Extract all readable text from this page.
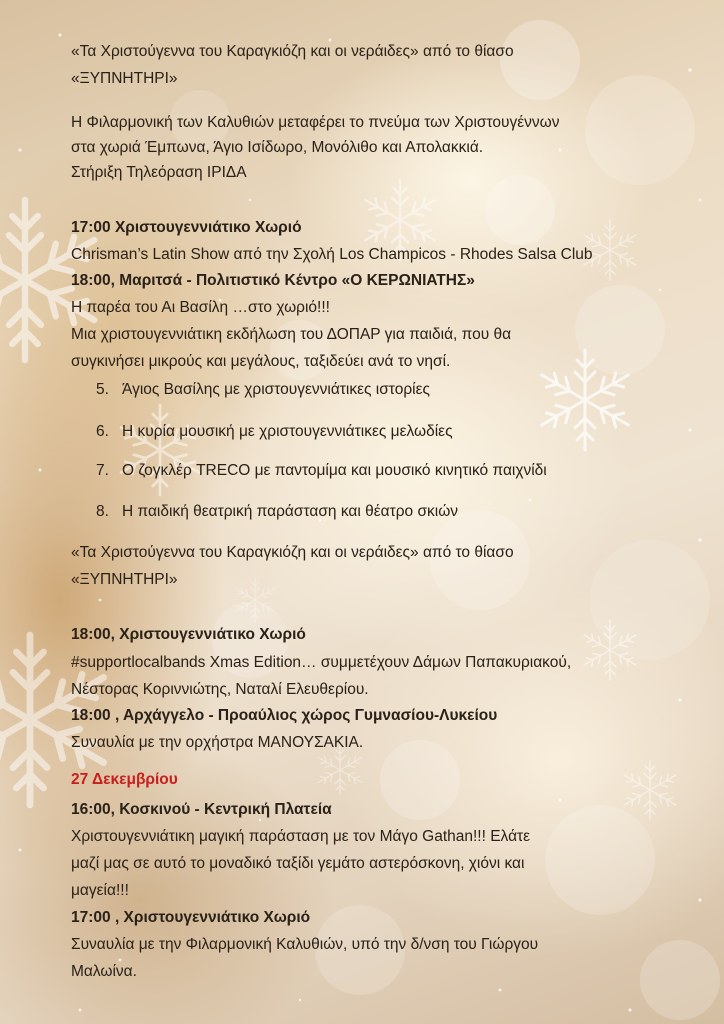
«Τα Χριστούγεννα του Καραγκιόζη και οι νεράιδες» από το θίασο
«ΞΥΠΝΗΤΗΡΙ»
Η Φιλαρμονική των Καλυθιών μεταφέρει το πνεύμα των Χριστουγέννων
στα χωριά Έμπωνα, Άγιο Ισίδωρο, Μονόλιθο και Απολακκιά.
Στήριξη Τηλεόραση ΙΡΙΔΑ
17:00 Χριστουγεννιάτικο Χωριό
Chrisman’s Latin Show από την Σχολή Los Champicos - Rhodes Salsa Club
18:00, Μαριτσά - Πολιτιστικό Κέντρο «Ο ΚΕΡΩΝΙΑΤΗΣ»
Η παρέα του Αι Βασίλη …στο χωριό!!!
Μια χριστουγεννιάτικη εκδήλωση του ΔΟΠΑΡ για παιδιά, που θα
συγκινήσει μικρούς και μεγάλους, ταξιδεύει ανά το νησί.
5. Άγιος Βασίλης με χριστουγεννιάτικες ιστορίες
6. Η κυρία μουσική με χριστουγεννιάτικες μελωδίες
7. Ο ζογκλέρ TRECO με παντομίμα και μουσικό κινητικό παιχνίδι
8. Η παιδική θεατρική παράσταση και θέατρο σκιών
«Τα Χριστούγεννα του Καραγκιόζη και οι νεράιδες» από το θίασο
«ΞΥΠΝΗΤΗΡΙ»
18:00, Χριστουγεννιάτικο Χωριό
#supportlocalbands Xmas Edition… συμμετέχουν Δάμων Παπακυριακού,
Νέστορας Κοριννιώτης, Ναταλί Ελευθερίου.
18:00 , Αρχάγγελο - Προαύλιος χώρος Γυμνασίου-Λυκείου
Συναυλία με την ορχήστρα ΜΑΝΟΥΣΑΚΙΑ.
27 Δεκεμβρίου
16:00, Κοσκινού - Κεντρική Πλατεία
Χριστουγεννιάτικη μαγική παράσταση με τον Μάγο Gathan!!! Ελάτε
μαζί μας σε αυτό το μοναδικό ταξίδι γεμάτο αστερόσκονη, χιόνι και
μαγεία!!!
17:00 , Χριστουγεννιάτικο Χωριό
Συναυλία με την Φιλαρμονική Καλυθιών, υπό την δ/νση του Γιώργου
Μαλωίνα.
